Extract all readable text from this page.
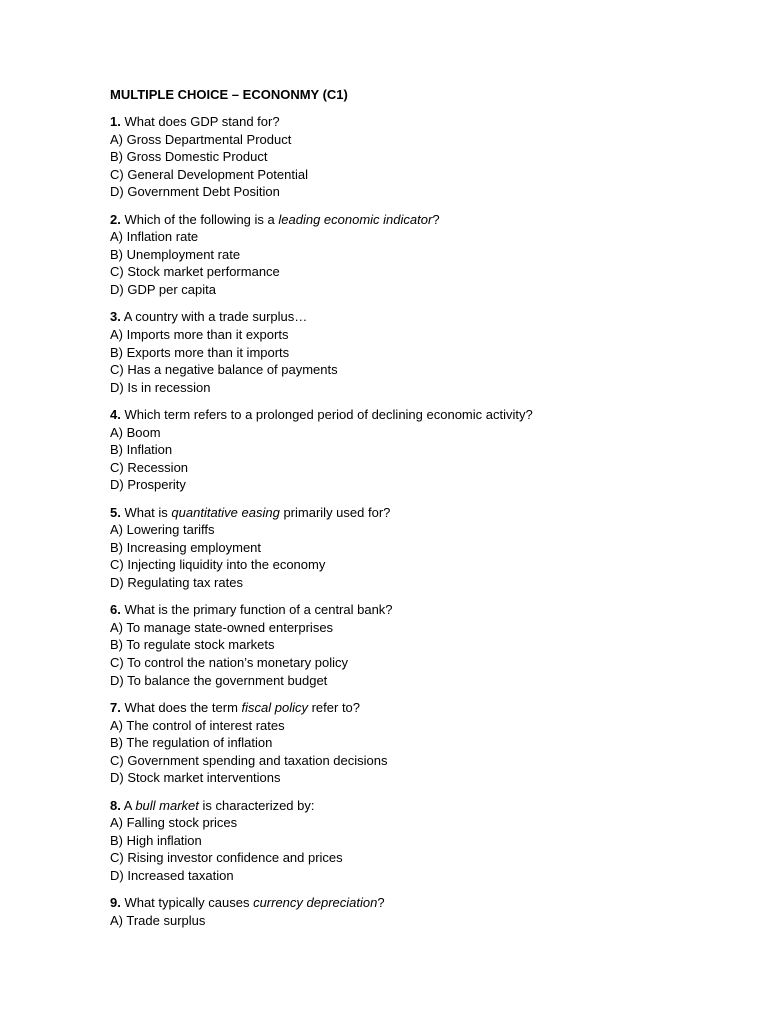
MULTIPLE CHOICE – ECONONMY (C1)
1. What does GDP stand for?
A) Gross Departmental Product
B) Gross Domestic Product
C) General Development Potential
D) Government Debt Position
2. Which of the following is a leading economic indicator?
A) Inflation rate
B) Unemployment rate
C) Stock market performance
D) GDP per capita
3. A country with a trade surplus…
A) Imports more than it exports
B) Exports more than it imports
C) Has a negative balance of payments
D) Is in recession
4. Which term refers to a prolonged period of declining economic activity?
A) Boom
B) Inflation
C) Recession
D) Prosperity
5. What is quantitative easing primarily used for?
A) Lowering tariffs
B) Increasing employment
C) Injecting liquidity into the economy
D) Regulating tax rates
6. What is the primary function of a central bank?
A) To manage state-owned enterprises
B) To regulate stock markets
C) To control the nation’s monetary policy
D) To balance the government budget
7. What does the term fiscal policy refer to?
A) The control of interest rates
B) The regulation of inflation
C) Government spending and taxation decisions
D) Stock market interventions
8. A bull market is characterized by:
A) Falling stock prices
B) High inflation
C) Rising investor confidence and prices
D) Increased taxation
9. What typically causes currency depreciation?
A) Trade surplus
